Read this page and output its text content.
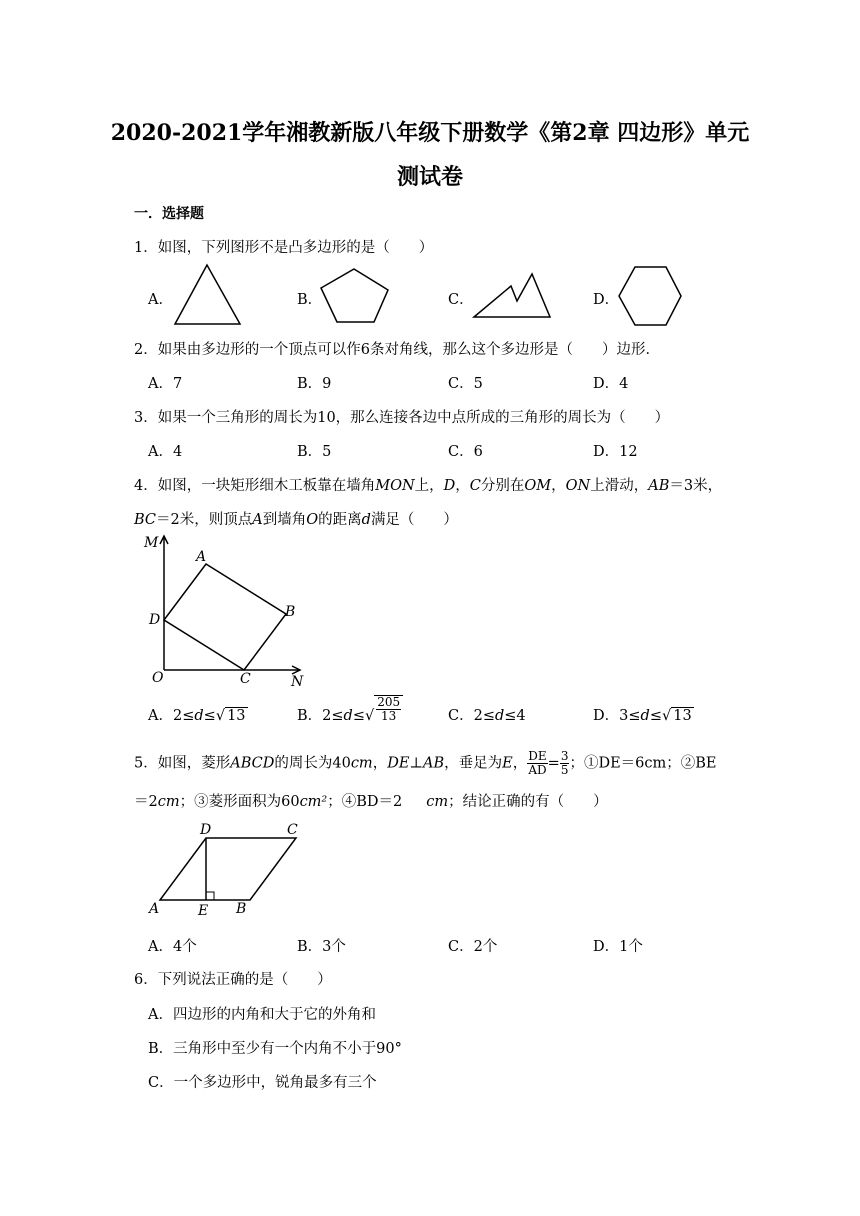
2020-2021学年湘教新版八年级下册数学《第2章 四边形》单元
测试卷
一．选择题
1．如图，下列图形不是凸多边形的是（　　）
A．	B．	C．	D．
2．如果由多边形的一个顶点可以作6条对角线，那么这个多边形是（　　）边形．
A．7	B．9	C．5	D．4
3．如果一个三角形的周长为10，那么连接各边中点所成的三角形的周长为（　　）
A．4	B．5	C．6	D．12
4．如图，一块矩形细木工板靠在墙角MON上，D，C分别在OM，ON上滑动，AB＝3米，
BC＝2米，则顶点A到墙角O的距离d满足（　　）
M
A
D	B
O	C	N
A．2≤d≤√ 13	B．$2\le d\le√ \frac{205}{13}$	C．2≤d≤4	D．3≤d≤√ 13
5．如图，菱形ABCD的周长为40cm，DE⊥AB，垂足为E， $\frac{DE}{AD} = \frac{3}{5}$ ；①DE＝6cm；②BE
＝2cm；③菱形面积为60cm²；④BD＝2 cm；结论正确的有（　　）
D	C
A	E B
A．4个	B．3个	C．2个	D．1个
6．下列说法正确的是（　　）
A．四边形的内角和大于它的外角和
B．三角形中至少有一个内角不小于90°
C．一个多边形中，锐角最多有三个
